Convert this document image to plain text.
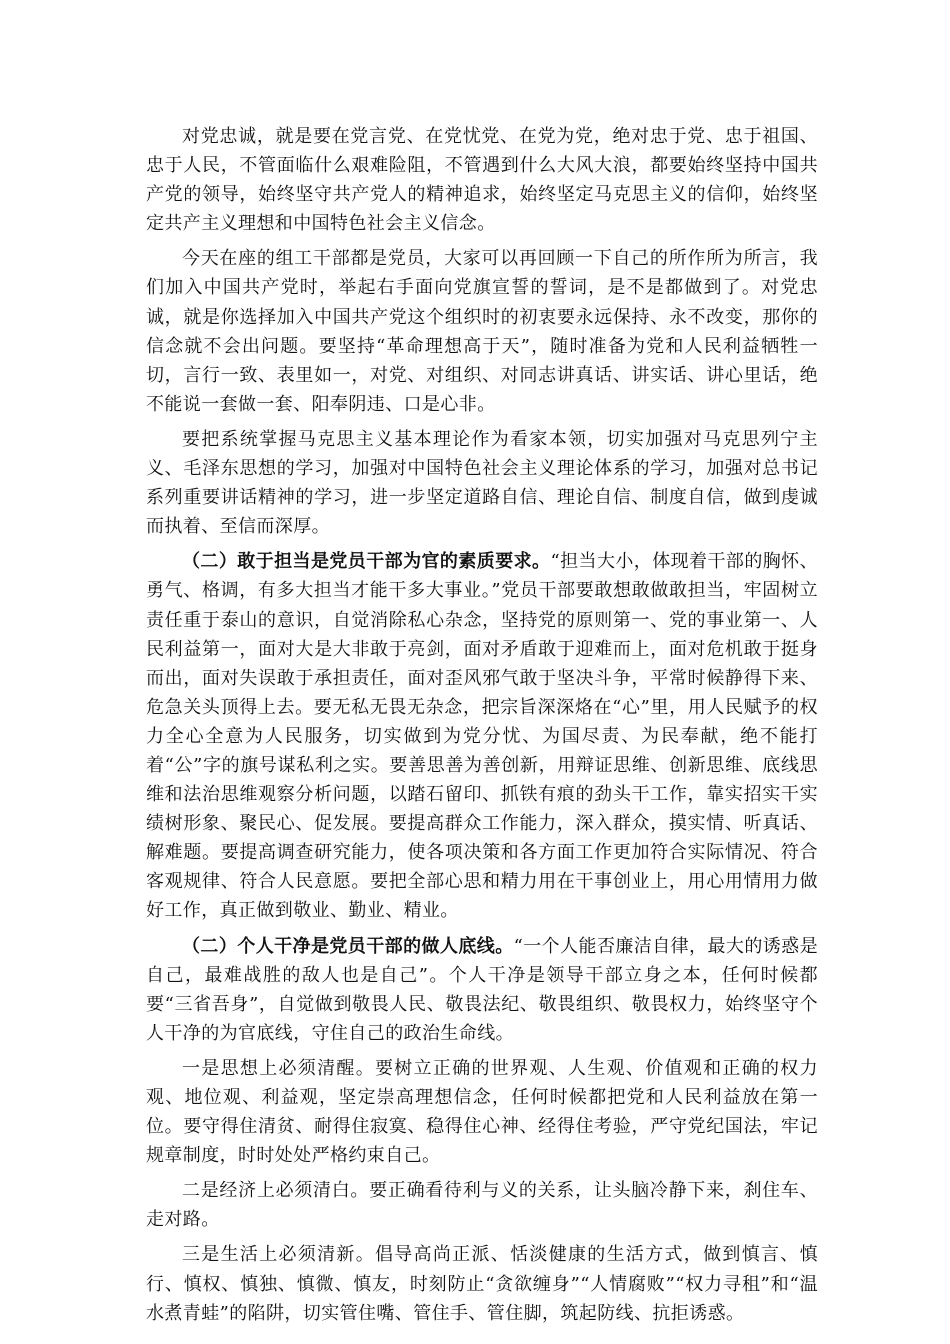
对党忠诚，就是要在党言党、在党忧党、在党为党，绝对忠于党、忠于祖国、忠于人民，不管面临什么艰难险阻，不管遇到什么大风大浪，都要始终坚持中国共产党的领导，始终坚守共产党人的精神追求，始终坚定马克思主义的信仰，始终坚定共产主义理想和中国特色社会主义信念。

今天在座的组工干部都是党员，大家可以再回顾一下自己的所作所为所言，我们加入中国共产党时，举起右手面向党旗宣誓的誓词，是不是都做到了。对党忠诚，就是你选择加入中国共产党这个组织时的初衷要永远保持、永不改变，那你的信念就不会出问题。要坚持“革命理想高于天”，随时准备为党和人民利益牺牲一切，言行一致、表里如一，对党、对组织、对同志讲真话、讲实话、讲心里话，绝不能说一套做一套、阳奉阴违、口是心非。

要把系统掌握马克思主义基本理论作为看家本领，切实加强对马克思列宁主义、毛泽东思想的学习，加强对中国特色社会主义理论体系的学习，加强对总书记系列重要讲话精神的学习，进一步坚定道路自信、理论自信、制度自信，做到虔诚而执着、至信而深厚。

（二）敢于担当是党员干部为官的素质要求。“担当大小，体现着干部的胸怀、勇气、格调，有多大担当才能干多大事业。”党员干部要敢想敢做敢担当，牢固树立责任重于泰山的意识，自觉消除私心杂念，坚持党的原则第一、党的事业第一、人民利益第一，面对大是大非敢于亮剑，面对矛盾敢于迎难而上，面对危机敢于挺身而出，面对失误敢于承担责任，面对歪风邪气敢于坚决斗争，平常时候静得下来、危急关头顶得上去。要无私无畏无杂念，把宗旨深深烙在“心”里，用人民赋予的权力全心全意为人民服务，切实做到为党分忧、为国尽责、为民奉献，绝不能打着“公”字的旗号谋私利之实。要善思善为善创新，用辩证思维、创新思维、底线思维和法治思维观察分析问题，以踏石留印、抓铁有痕的劲头干工作，靠实招实干实绩树形象、聚民心、促发展。要提高群众工作能力，深入群众，摸实情、听真话、解难题。要提高调查研究能力，使各项决策和各方面工作更加符合实际情况、符合客观规律、符合人民意愿。要把全部心思和精力用在干事创业上，用心用情用力做好工作，真正做到敬业、勤业、精业。

（二）个人干净是党员干部的做人底线。“一个人能否廉洁自律，最大的诱惑是自己，最难战胜的敌人也是自己”。个人干净是领导干部立身之本，任何时候都要“三省吾身”，自觉做到敬畏人民、敬畏法纪、敬畏组织、敬畏权力，始终坚守个人干净的为官底线，守住自己的政治生命线。

一是思想上必须清醒。要树立正确的世界观、人生观、价值观和正确的权力观、地位观、利益观，坚定崇高理想信念，任何时候都把党和人民利益放在第一位。要守得住清贫、耐得住寂寞、稳得住心神、经得住考验，严守党纪国法，牢记规章制度，时时处处严格约束自己。

二是经济上必须清白。要正确看待利与义的关系，让头脑冷静下来，刹住车、走对路。

三是生活上必须清新。倡导高尚正派、恬淡健康的生活方式，做到慎言、慎行、慎权、慎独、慎微、慎友，时刻防止“贪欲缠身”“人情腐败”“权力寻租”和“温水煮青蛙”的陷阱，切实管住嘴、管住手、管住脚，筑起防线、抗拒诱惑。
